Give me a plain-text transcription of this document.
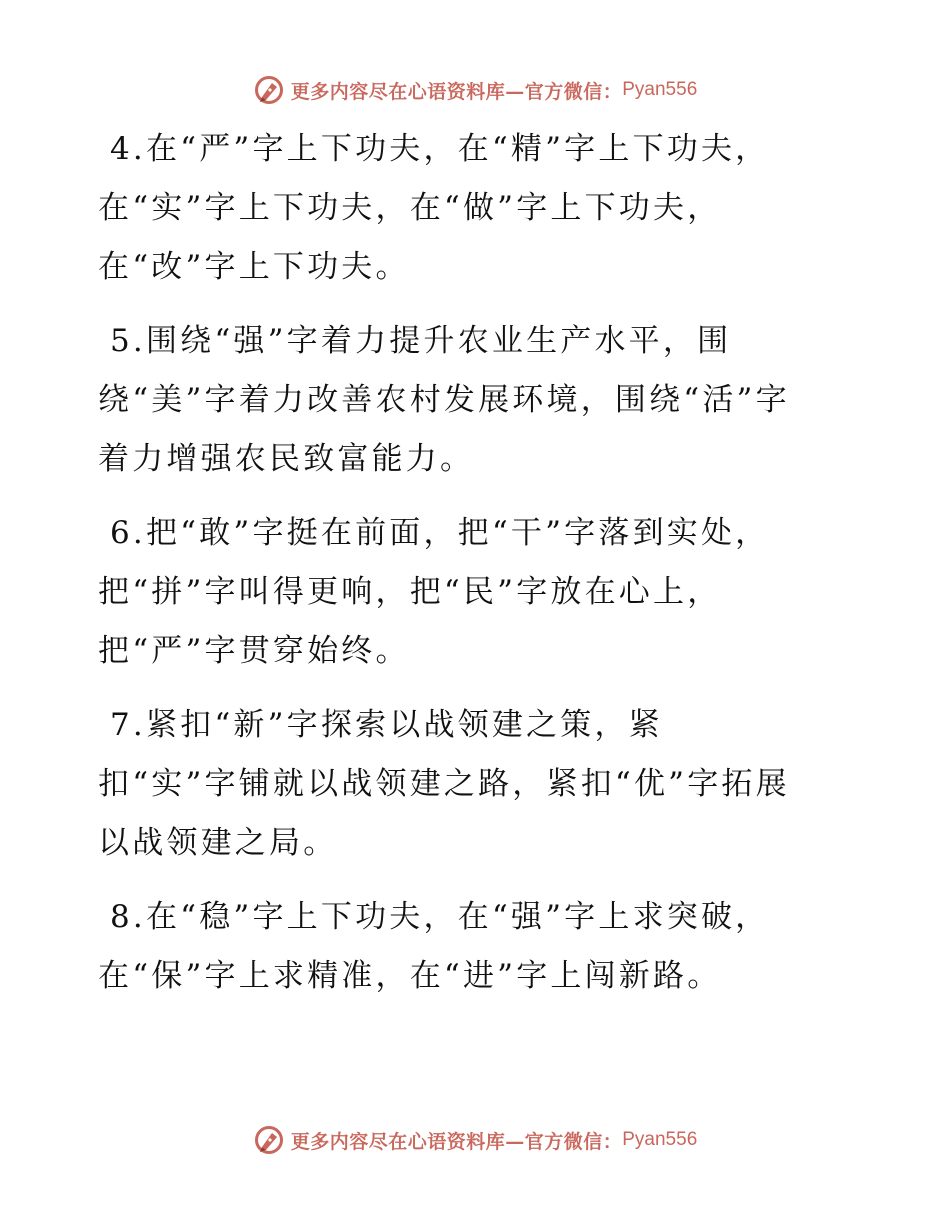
更多内容尽在心语资料库—官方微信： Pyan556
4.在“严”字上下功夫，在“精”字上下功夫，
在“实”字上下功夫，在“做”字上下功夫，
在“改”字上下功夫。
5.围绕“强”字着力提升农业生产水平，围
绕“美”字着力改善农村发展环境，围绕“活”字
着力增强农民致富能力。
6.把“敢”字挺在前面，把“干”字落到实处，
把“拼”字叫得更响，把“民”字放在心上，
把“严”字贯穿始终。
7.紧扣“新”字探索以战领建之策，紧
扣“实”字铺就以战领建之路，紧扣“优”字拓展
以战领建之局。
8.在“稳”字上下功夫，在“强”字上求突破，
在“保”字上求精准，在“进”字上闯新路。
更多内容尽在心语资料库—官方微信： Pyan556
